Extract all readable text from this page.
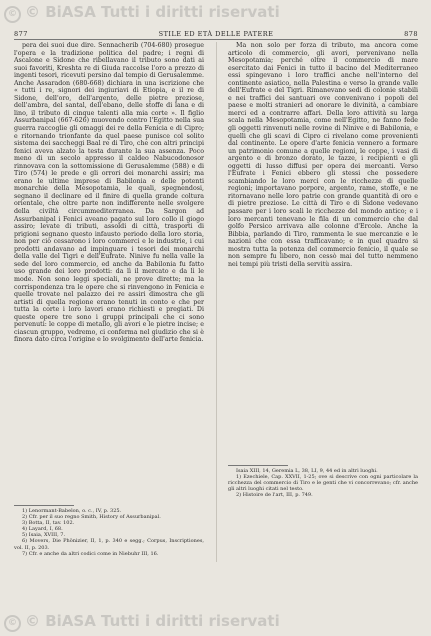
© © BiASA Tutti i diritti riservati
877	STILE ED ETÀ DELLE PATERE	878

pera dei suoi due dire. Sennacherib (704-680) prosegue l'opera e la tradizione politica del padre; i regni di Ascalone e Sidone che ribellavano il tributo sono dati ai suoi favoriti, Kreshta re di Giuda raccolse l'oro a prezzo di ingenti tesori, ricevuti persino dal tempio di Gerusalemme. Anche Assaradon (680-668) dichiara in una iscrizione che « tutti i re, signori dei ingiuriavi di Etiopia, e il re di Sidone, dell'oro, dell'argento, delle pietre preziose, dell'ambra, del santal, dell'ebano, delle stoffe di lana e di lino, il tributo di cinque talenti alla mia corte ». Il figlio Assurbanipal (667-626) muovendo contro l'Egitto nella sua guerra raccoglie gli omaggi dei re della Fenicia e di Cipro; e ritornando trionfante da quel paese punisce col solito sistema dei saccheggi Baal re di Tiro, che con altri principi fenici aveva alzato la testa durante la sua assenza. Poco meno di un secolo appresso il caldeo Nabucodonosor rinnovava con la sottomissione di Gerusalemme (588) e di Tiro (574) le prede e gli orrori dei monarchi assiri; ma erano le ultime imprese di Babilonia e delle potenti monarchie della Mesopotamia, le quali, spegnendosi, segnano il declinare ed il finire di quella grande coltura orientale, che oltre parte non indifferente nelle svolgere della civiltà circummediterranea. Da Sargon ad Assurbanipal i Fenici aveano pagato sul loro collo il giogo assiro; levate di tributi, assoldi di città, trasporti di prigioni segnano questo infausto periodo della loro storia, non per ciò cessarono i loro commerci e le industrie, i cui prodotti andavano ad impinguare i tesori dei monarchi della valle del Tigri e dell'Eufrate. Ninive fu nella valle la sede del loro commercio, ed anche da Babilonia fu fatto uso grande dei loro prodotti: da lì il mercato e da lì le mode. Non sono leggi speciali, ne prove dirette; ma la corrispondenza tra le opere che si rinvengono in Fenicia e quelle trovate nel palazzo dei re assiri dimostra che gli artisti di quella regione erano tenuti in conto e che per tutta la corte i loro lavori erano richiesti e pregiati. Di queste opere tre sono i gruppi principali che ci sono pervenuti: le coppe di metallo, gli avori e le pietre incise; e ciascun gruppo, vedremo, ci conferma nel giudizio che si è finora dato circa l'origine e lo svolgimento dell'arte fenicia.

1) Lenormant-Babelon, o. c., IV, p. 325.

2) Cfr. per il suo regno Smith, History of Assurbanipal.

3) Botta, II, tav. 102.

4) Layard, I, 68.

5) Isaia, XVIII, 7.

6) Movers, Die Phönizier, II, 1, p. 340 e segg.; Corpus, Inscriptiones, vol. II, p. 203.

7) Cfr. e anche da altri codici come in Niebuhr III, 16.

Ma non solo per forza di tributo, ma ancora come articolo di commercio, gli avori, pervenivano nella Mesopotamia; perché oltre il commercio di mare esercitato dai Fenici in tutto il bacino del Mediterraneo essi spingevano i loro traffici anche nell'interno del continente asiatico, nella Palestina e verso la grande valle dell'Eufrate e del Tigri. Rimanevano sedi di colonie stabili e nei traffici dei santuari ove convenivano i popoli del paese e molti stranieri ad onorare le divinità, a cambiare merci ed a contrarre affari. Della loro attività su larga scala nella Mesopotamia, come nell'Egitto, ne fanno fede gli oggetti rinvenuti nelle rovine di Ninive e di Babilonia, e quelli che gli scavi di Cipro ci rivelano come provenienti dal continente. Le opere d'arte fenicia vennero a formare un patrimonio comune a quelle regioni, le coppe, i vasi di argento e di bronzo dorato, le tazze, i recipienti e gli oggetti di lusso diffusi per opera dei mercanti. Verso l'Eufrate i Fenici ebbero gli stessi che possedere scambiando le loro merci con le ricchezze di quelle regioni; importavano porpore, argento, rame, stoffe, e ne ritornavano nelle loro patrie con grande quantità di oro e di pietre preziose. Le città di Tiro e di Sidone vedevano passare per i loro scali le ricchezze del mondo antico; e i loro mercanti tenevano le fila di un commercio che dal golfo Persico arrivava alle colonne d'Ercole. Anche la Bibbia, parlando di Tiro, rammenta le sue mercanzie e le nazioni che con essa trafficavano; e in quel quadro si mostra tutta la potenza del commercio fenicio, il quale se non sempre fu libero, non cessò mai del tutto nemmeno nei tempi più tristi della servitù assira.

Isaia XIII, 14, Geremia L, 38, LI, 9, 44 ed in altri luoghi.

1) Ezechiele, Cap. XXVII, 1-25; ove si descrive con ogni particolare la ricchezza del commercio di Tiro e le genti che vi concorrevano; cfr. anche gli altri luoghi citati nel testo.

2) Histoire de l'art, III, p. 749.

© © BiASA Tutti i diritti riservati
